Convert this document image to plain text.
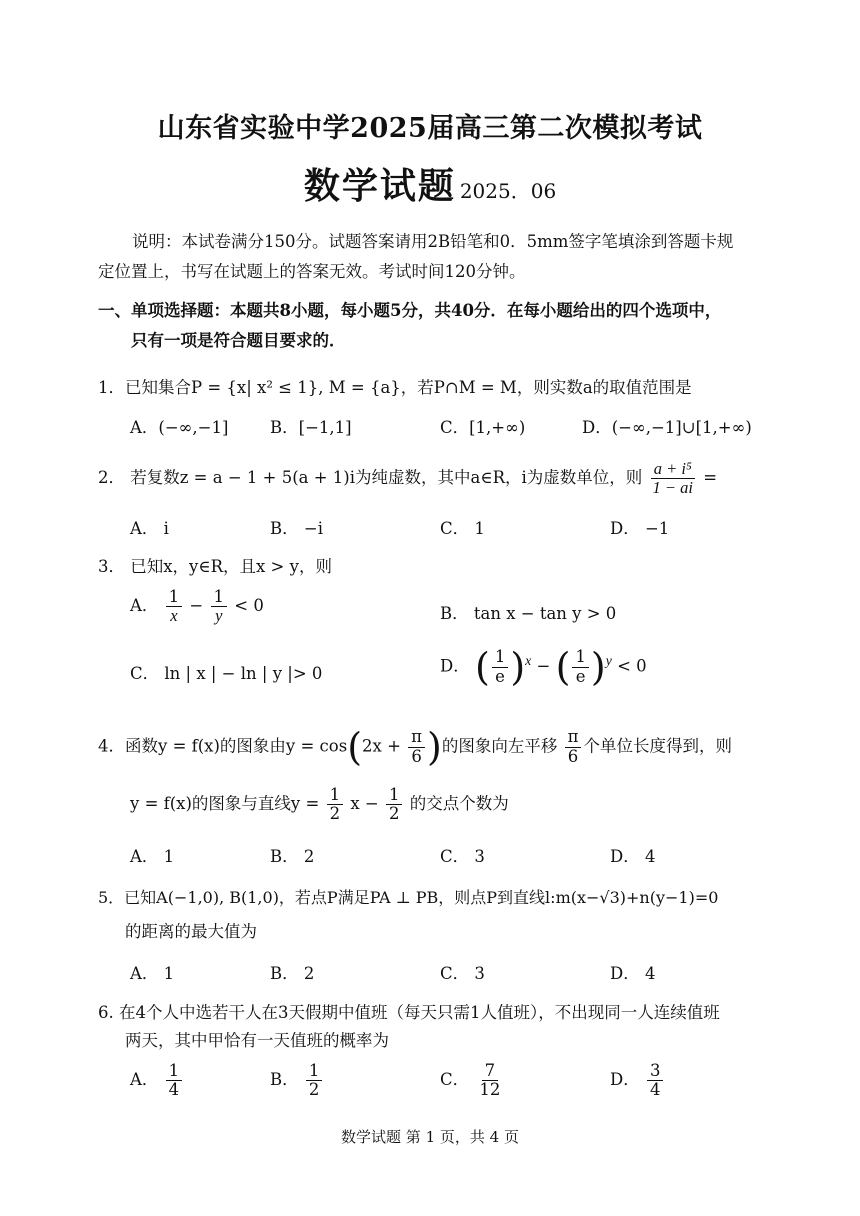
山东省实验中学2025届高三第二次模拟考试
数学试题 2025．06
说明：本试卷满分150分。试题答案请用2B铅笔和0．5mm签字笔填涂到答题卡规
定位置上，书写在试题上的答案无效。考试时间120分钟。
一、单项选择题：本题共8小题，每小题5分，共40分．在每小题给出的四个选项中，
只有一项是符合题目要求的．
1．已知集合P = {x| x² ≤ 1}, M = {a}，若P∩M = M，则实数a的取值范围是
A．(−∞,−1]	B．[−1,1]	C．[1,+∞)	D．(−∞,−1]∪[1,+∞)
2． 若复数z = a − 1 + 5(a + 1)i为纯虚数，其中a∈R，i为虚数单位，则 $\frac{\text{a + i⁵}}{1 - ai}$ =
A． i	B． −i	C． 1	D． −1
3． 已知x，y∈R，且x > y，则
A． $\frac{1}{x} - \frac{1}{y} < 0$	B． tan x − tan y > 0
C． ln | x | − ln | y |> 0	D． ( $\frac{1}{e} )^x$ − ( $\frac{1}{e} )^y < 0$
4．函数y = f(x)的图象由$y = \cos(2x + \frac{\pi}{6}$ )的图象向左平移 $\frac{\pi}{6}$ 个单位长度得到，则
y = f(x)的图象与直线$y = \frac{1}{2}$ $x - \frac{1}{2}$ 的交点个数为
A． 1	B． 2	C． 3	D． 4
5．已知A(−1,0), B(1,0)，若点P满足PA ⊥ PB，则点P到直线l:m(x−√3)+n(y−1)=0
的距离的最大值为
A． 1	B． 2	C． 3	D． 4
6. 在4个人中选若干人在3天假期中值班（每天只需1人值班），不出现同一人连续值班
两天，其中甲恰有一天值班的概率为
A． $\frac{1}{4}$	B． $\frac{1}{2}$	C． $\frac{7}{12}$	D． $\frac{3}{4}$
数学试题 第 1 页，共 4 页
